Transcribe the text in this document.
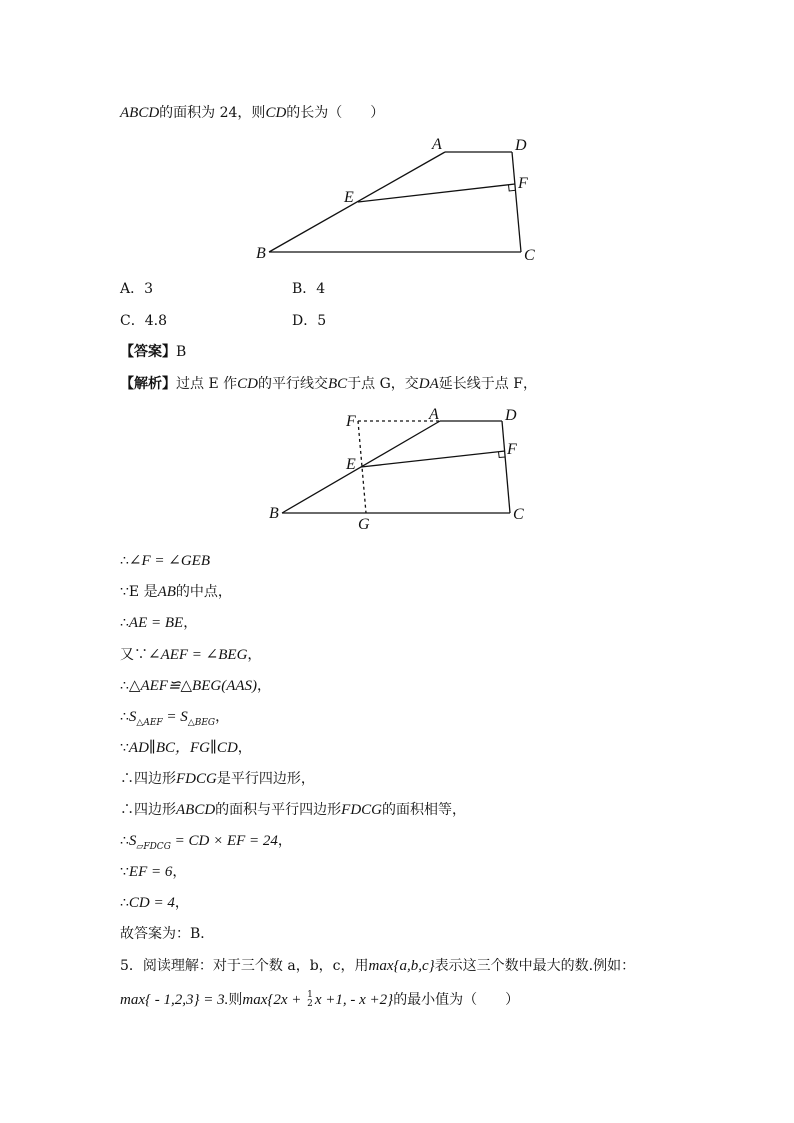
ABCD的面积为 24，则CD的长为（　　）
A	D
E
F
B	C
F	A	D
F
E
B
G
C
A．3	B．4
C．4.8	D．5
【答案】B
【解析】过点 E 作CD的平行线交BC于点 G，交DA延长线于点 F，
∴∠F = ∠GEB
∵E 是AB的中点，
∴AE = BE，
又∵∠AEF = ∠BEG，
∴△AEF≌△BEG(AAS)，
$\therefore S_{\triangle AEF} = S_{\triangle BEG}$，
∵AD∥BC，FG∥CD，
∴四边形FDCG是平行四边形，
∴四边形ABCD的面积与平行四边形FDCG的面积相等，
$\therefore S_{▱FDCG}$ = CD × EF = 24，
∵EF = 6，
∴CD = 4，
故答案为：B．
5．阅读理解：对于三个数 a，b，c，用max{a,b,c}表示这三个数中最大的数.例如：
max{ - 1,2,3} = 3.则max{2x + 1
2 x +1, - x +2}的最小值为（　　）
